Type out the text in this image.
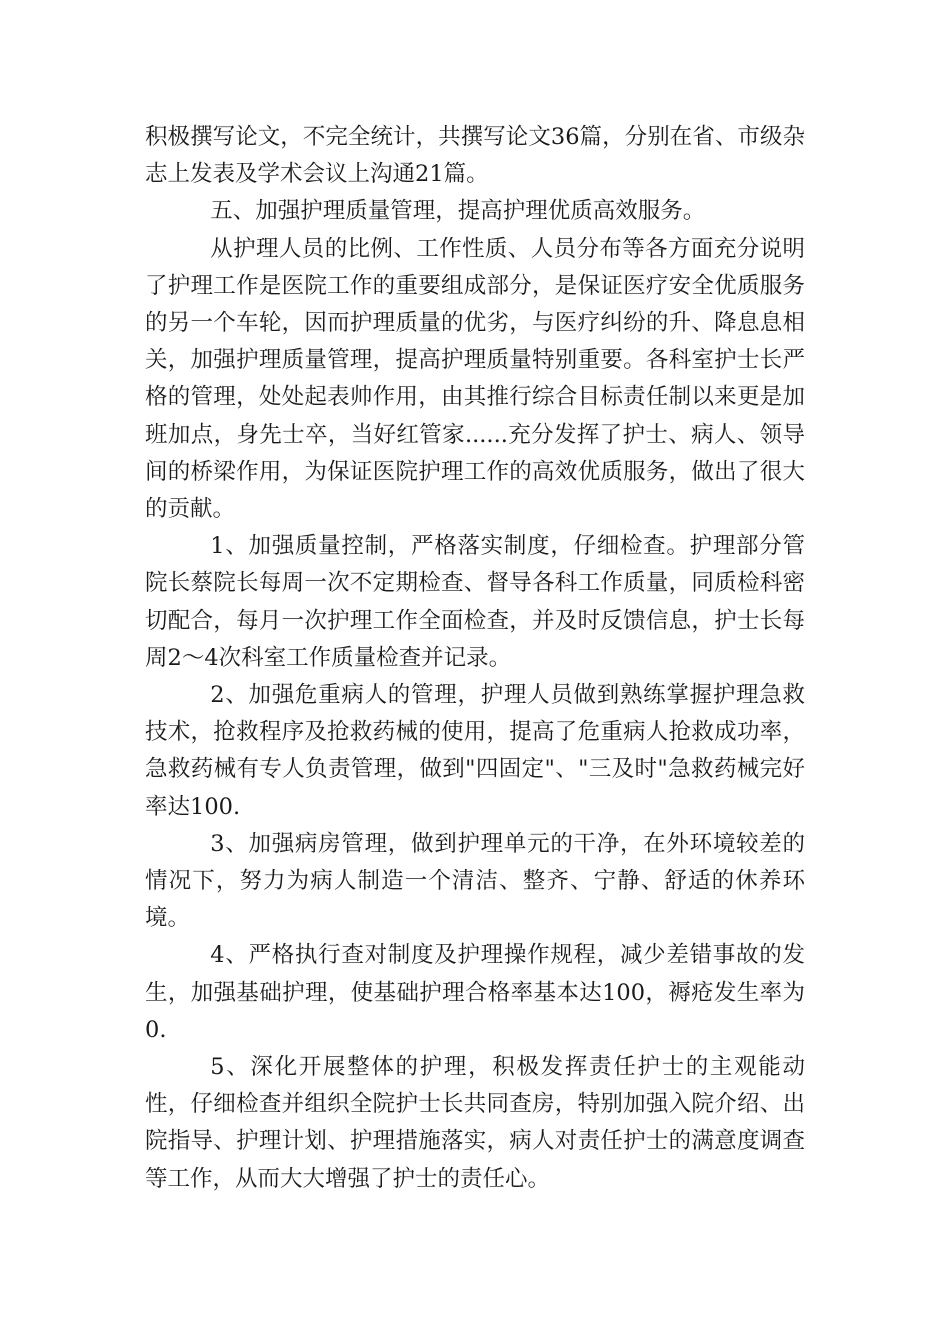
积极撰写论文，不完全统计，共撰写论文36篇，分别在省、市级杂志上发表及学术会议上沟通21篇。

五、加强护理质量管理，提高护理优质高效服务。

从护理人员的比例、工作性质、人员分布等各方面充分说明了护理工作是医院工作的重要组成部分，是保证医疗安全优质服务的另一个车轮，因而护理质量的优劣，与医疗纠纷的升、降息息相关，加强护理质量管理，提高护理质量特别重要。各科室护士长严格的管理，处处起表帅作用，由其推行综合目标责任制以来更是加班加点，身先士卒，当好红管家......充分发挥了护士、病人、领导间的桥梁作用，为保证医院护理工作的高效优质服务，做出了很大的贡献。

1、加强质量控制，严格落实制度，仔细检查。护理部分管院长蔡院长每周一次不定期检查、督导各科工作质量，同质检科密切配合，每月一次护理工作全面检查，并及时反馈信息，护士长每周2～4次科室工作质量检查并记录。

2、加强危重病人的管理，护理人员做到熟练掌握护理急救技术，抢救程序及抢救药械的使用，提高了危重病人抢救成功率，急救药械有专人负责管理，做到"四固定"、"三及时"急救药械完好率达100.

3、加强病房管理，做到护理单元的干净，在外环境较差的情况下，努力为病人制造一个清洁、整齐、宁静、舒适的休养环境。

4、严格执行查对制度及护理操作规程，减少差错事故的发生，加强基础护理，使基础护理合格率基本达100，褥疮发生率为0.

5、深化开展整体的护理，积极发挥责任护士的主观能动性，仔细检查并组织全院护士长共同查房，特别加强入院介绍、出院指导、护理计划、护理措施落实，病人对责任护士的满意度调查等工作，从而大大增强了护士的责任心。
